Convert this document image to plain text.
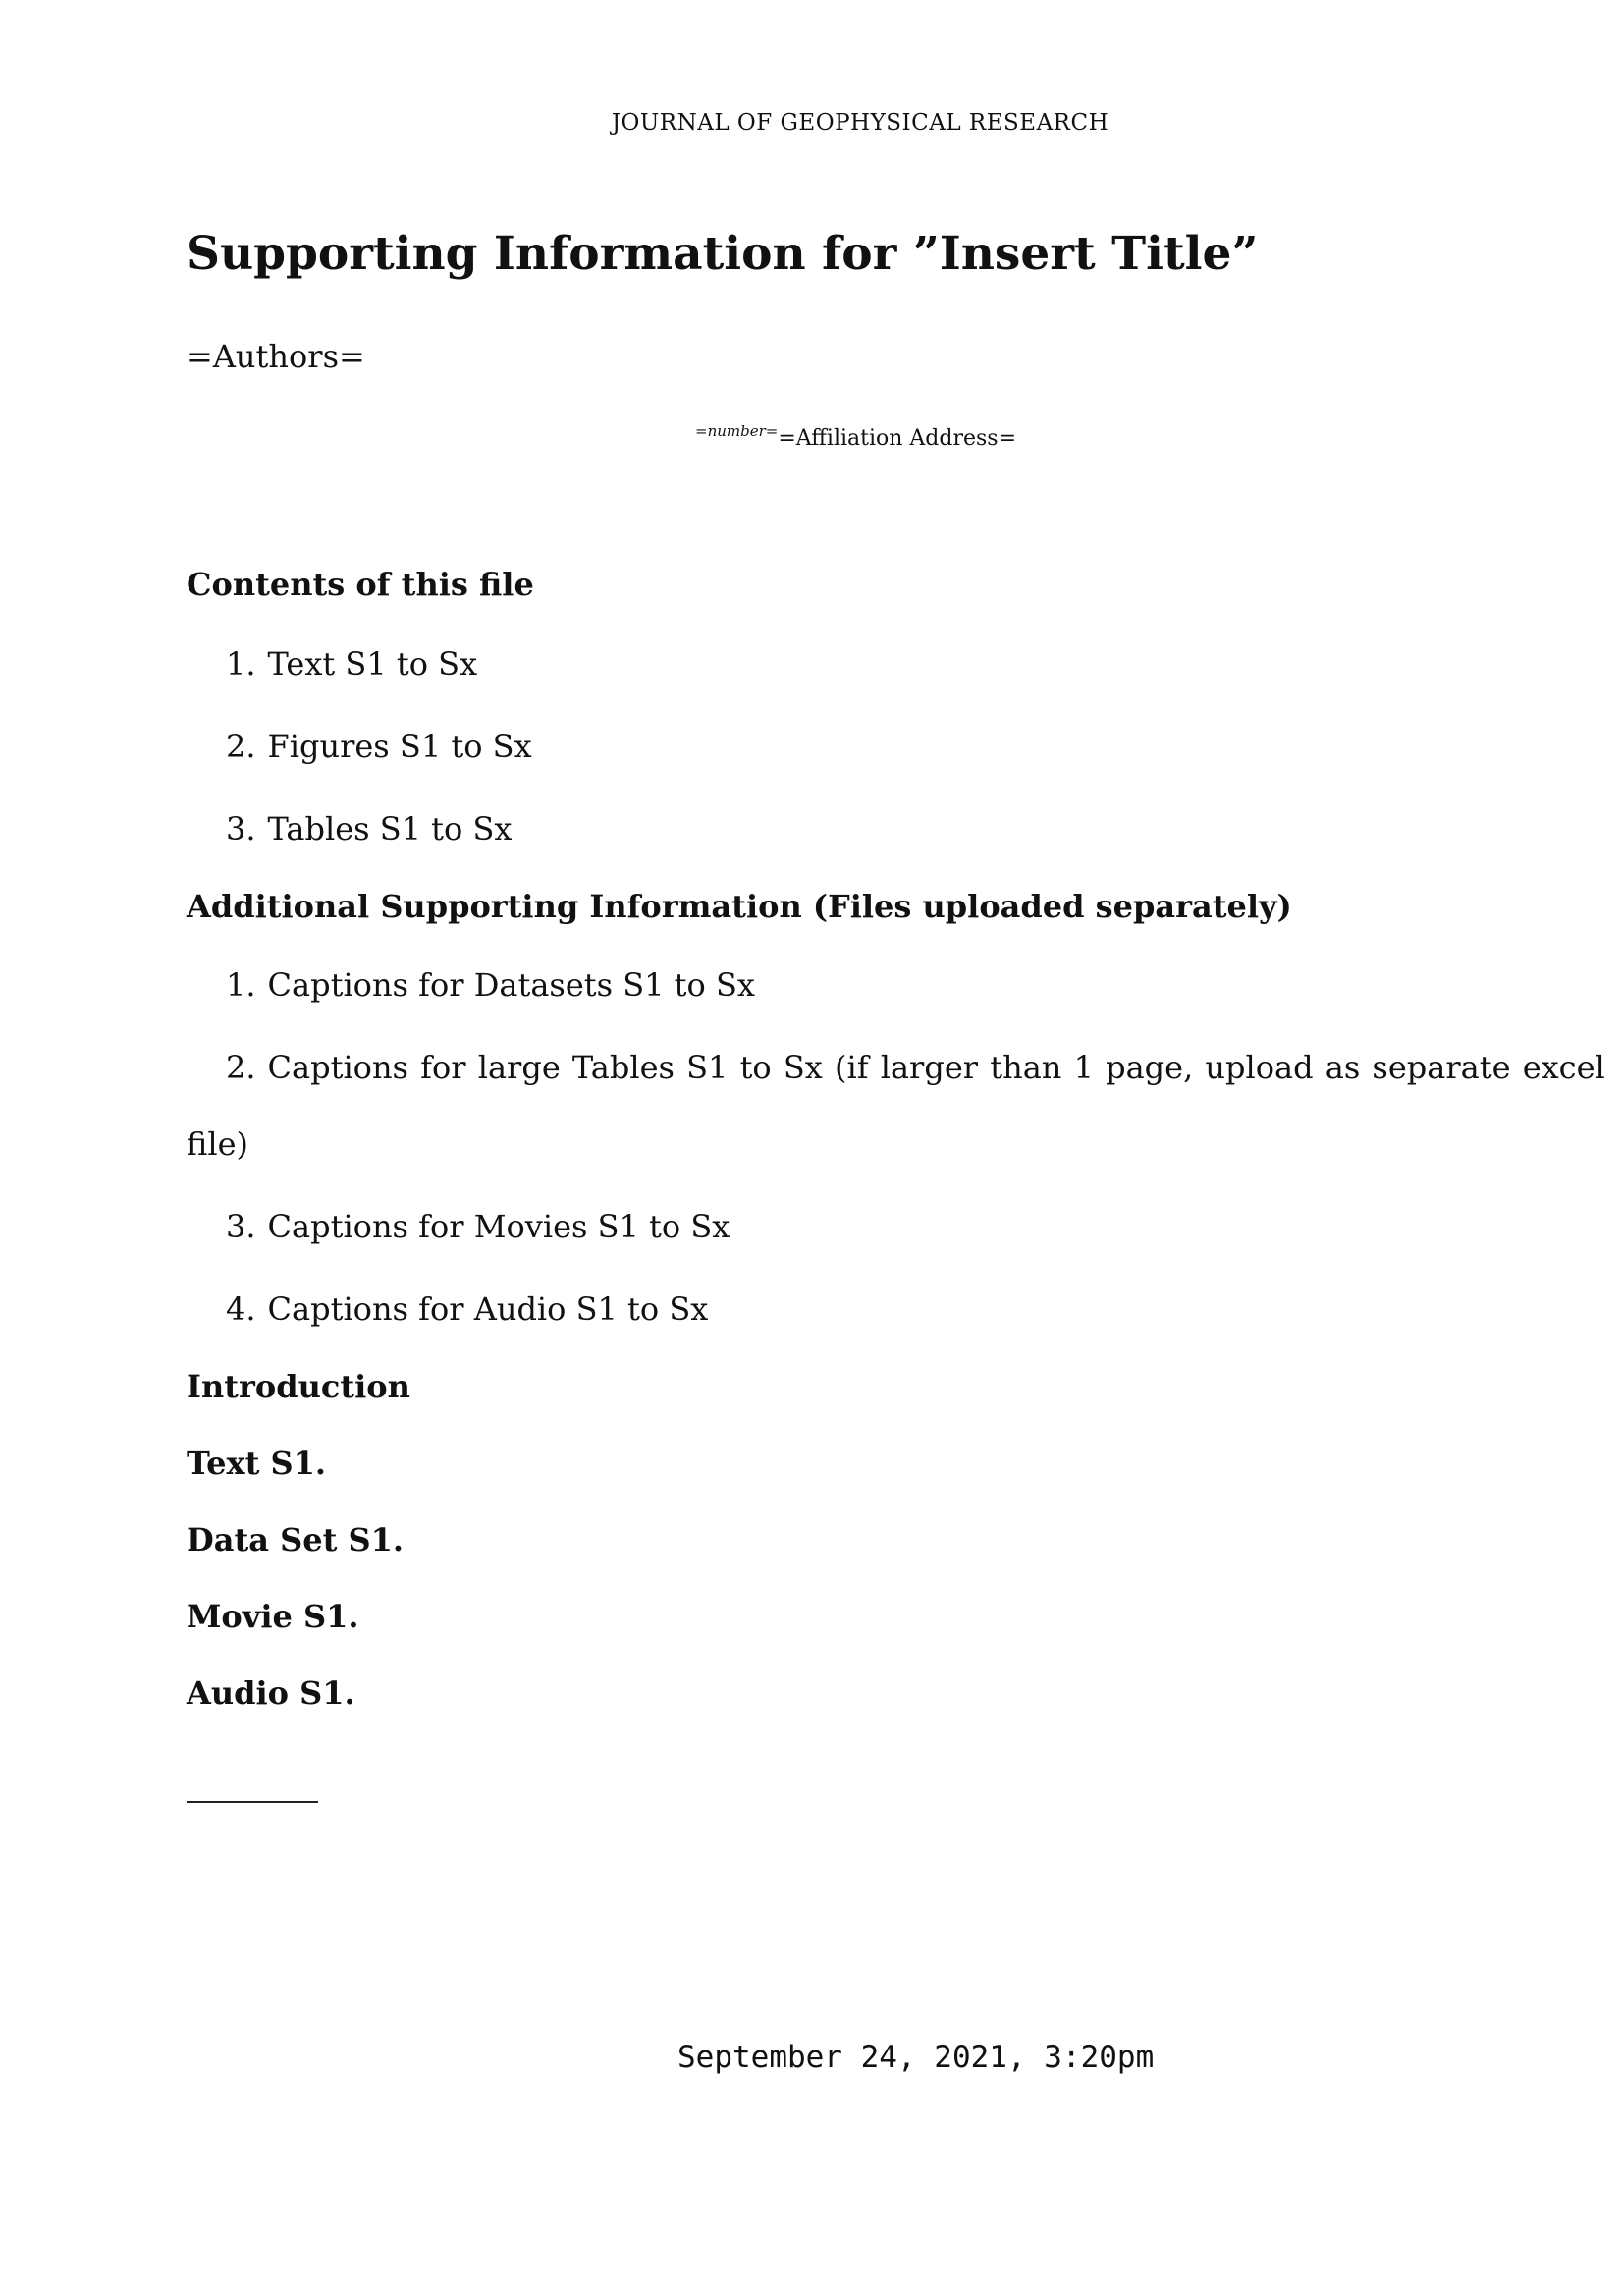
JOURNAL OF GEOPHYSICAL RESEARCH
Supporting Information for ”Insert Title”
=Authors=
$^{=number=}$=Affiliation Address=
Contents of this file
1. Text S1 to Sx
2. Figures S1 to Sx
3. Tables S1 to Sx
Additional Supporting Information (Files uploaded separately)
1. Captions for Datasets S1 to Sx
2. Captions for large Tables S1 to Sx (if larger than 1 page, upload as separate excel
file)
3. Captions for Movies S1 to Sx
4. Captions for Audio S1 to Sx
Introduction
Text S1.
Data Set S1.
Movie S1.
Audio S1.
September 24, 2021, 3:20pm
